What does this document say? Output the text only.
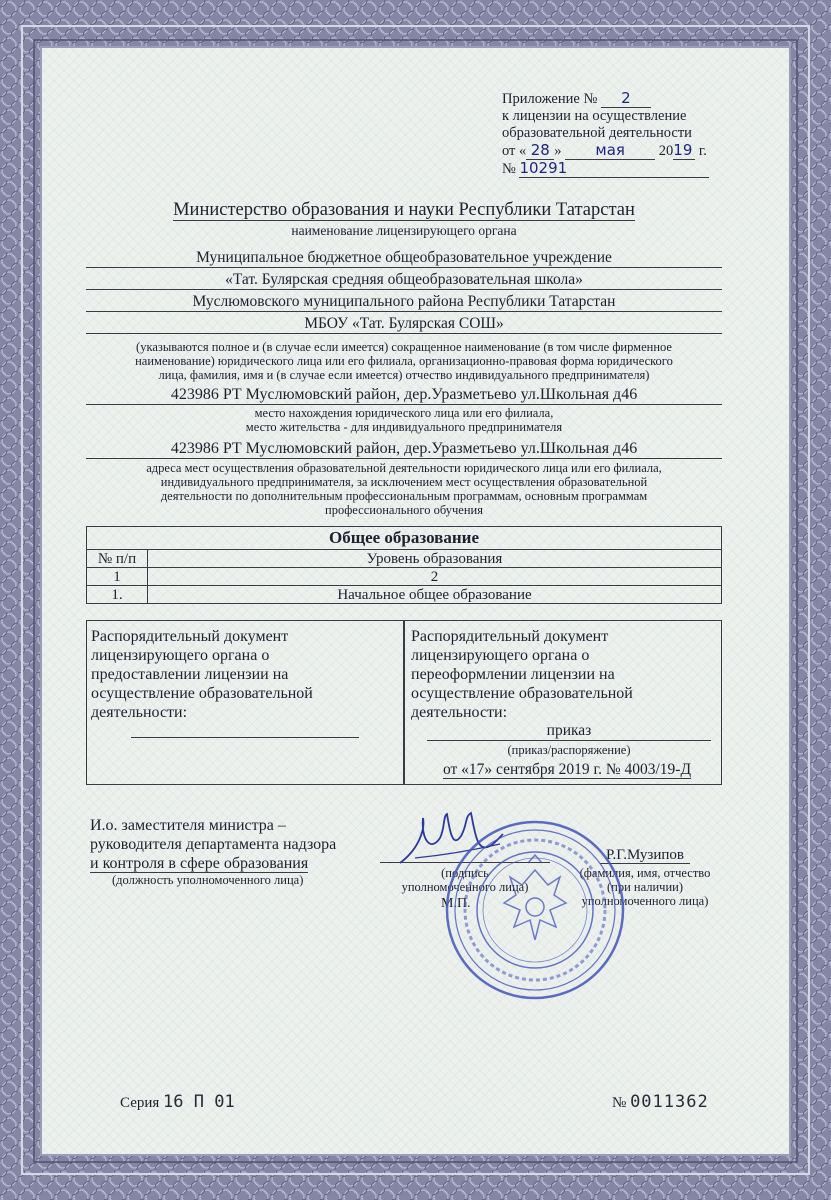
Приложение № 2
к лицензии на осуществление
образовательной деятельности
от « 28 » мая 2019 г.
№ 10291
Министерство образования и науки Республики Татарстан
наименование лицензирующего органа
Муниципальное бюджетное общеобразовательное учреждение
«Тат. Булярская средняя общеобразовательная школа»
Муслюмовского муниципального района Республики Татарстан
МБОУ «Тат. Булярская СОШ»
(указываются полное и (в случае если имеется) сокращенное наименование (в том числе фирменное
наименование) юридического лица или его филиала, организационно-правовая форма юридического
лица, фамилия, имя и (в случае если имеется) отчество индивидуального предпринимателя)
423986 РТ Муслюмовский район, дер.Уразметьево ул.Школьная д46
место нахождения юридического лица или его филиала,
место жительства - для индивидуального предпринимателя
423986 РТ Муслюмовский район, дер.Уразметьево ул.Школьная д46
адреса мест осуществления образовательной деятельности юридического лица или его филиала,
индивидуального предпринимателя, за исключением мест осуществления образовательной
деятельности по дополнительным профессиональным программам, основным программам
профессионального обучения
Общее образование	
№ п/п	Уровень образования
1	2
1.	Начальное общее образование
Распорядительный документ
лицензирующего органа о
предоставлении лицензии на
осуществление образовательной
деятельности:
Распорядительный документ
лицензирующего органа о
переоформлении лицензии на
осуществление образовательной
деятельности:
приказ
(приказ/распоряжение)
от «17» сентября 2019 г. № 4003/19-Д
И.о. заместителя министра –
руководителя департамента надзора
и контроля в сфере образования
(должность уполномоченного лица)	(подпись
уполномоченного лица)
М.П.
Р.Г.Музипов
(фамилия, имя, отчество
(при наличии)
уполномоченного лица)
Серия 16 П 01	№ 0011362
